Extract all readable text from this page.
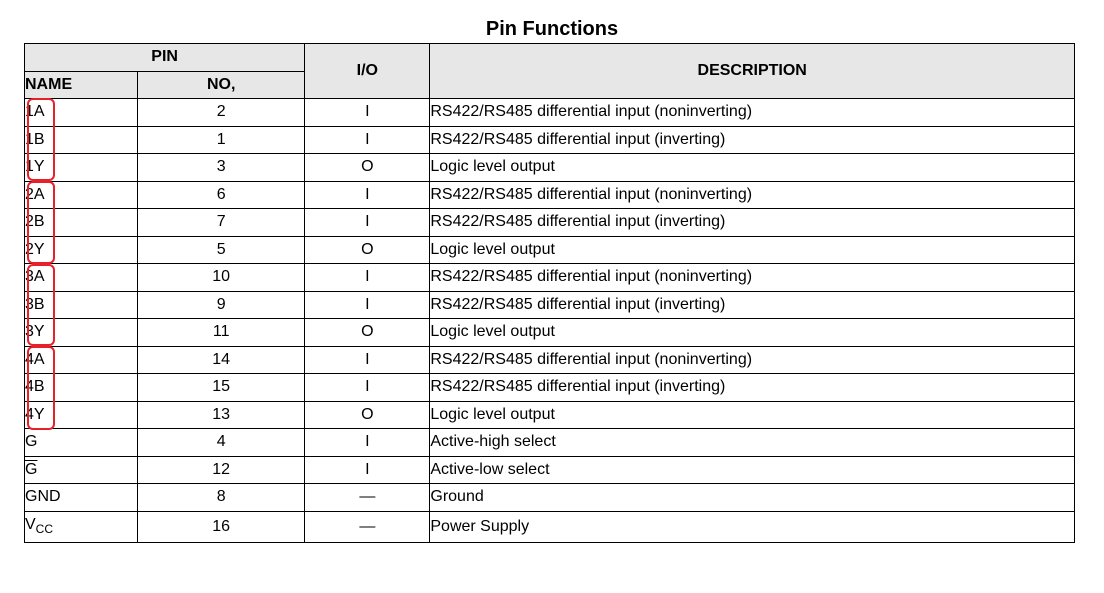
Pin Functions
PIN		I/O	DESCRIPTION
NAME	NO,		
1A	2	I	RS422/RS485 differential input (noninverting)
1B	1	I	RS422/RS485 differential input (inverting)
1Y	3	O	Logic level output
2A	6	I	RS422/RS485 differential input (noninverting)
2B	7	I	RS422/RS485 differential input (inverting)
2Y	5	O	Logic level output
3A	10	I	RS422/RS485 differential input (noninverting)
3B	9	I	RS422/RS485 differential input (inverting)
3Y	11	O	Logic level output
4A	14	I	RS422/RS485 differential input (noninverting)
4B	15	I	RS422/RS485 differential input (inverting)
4Y	13	O	Logic level output
G	4	I	Active-high select
$\overline{G}$	12	I	Active-low select
GND	8	—	Ground
$V_{CC}$	16	—	Power Supply
